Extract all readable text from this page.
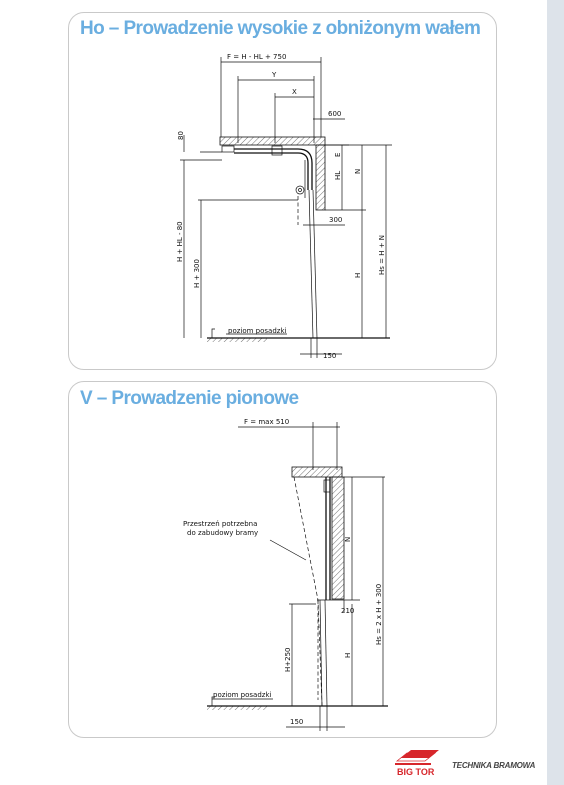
Ho – Prowadzenie wysokie z obniżonym wałem
V – Prowadzenie pionowe
F = H - HL + 750
Y
X
600
80
E
HL N
Hs = H + N
H
300
H + HL - 80
H + 300
poziom posadzki
150
F = max 510
Przestrzeń potrzebna
do zabudowy bramy
N
Hs = 2 x H + 300
210
H+250	H
poziom posadzki
150
BIG TOR
TECHNIKA BRAMOWA
